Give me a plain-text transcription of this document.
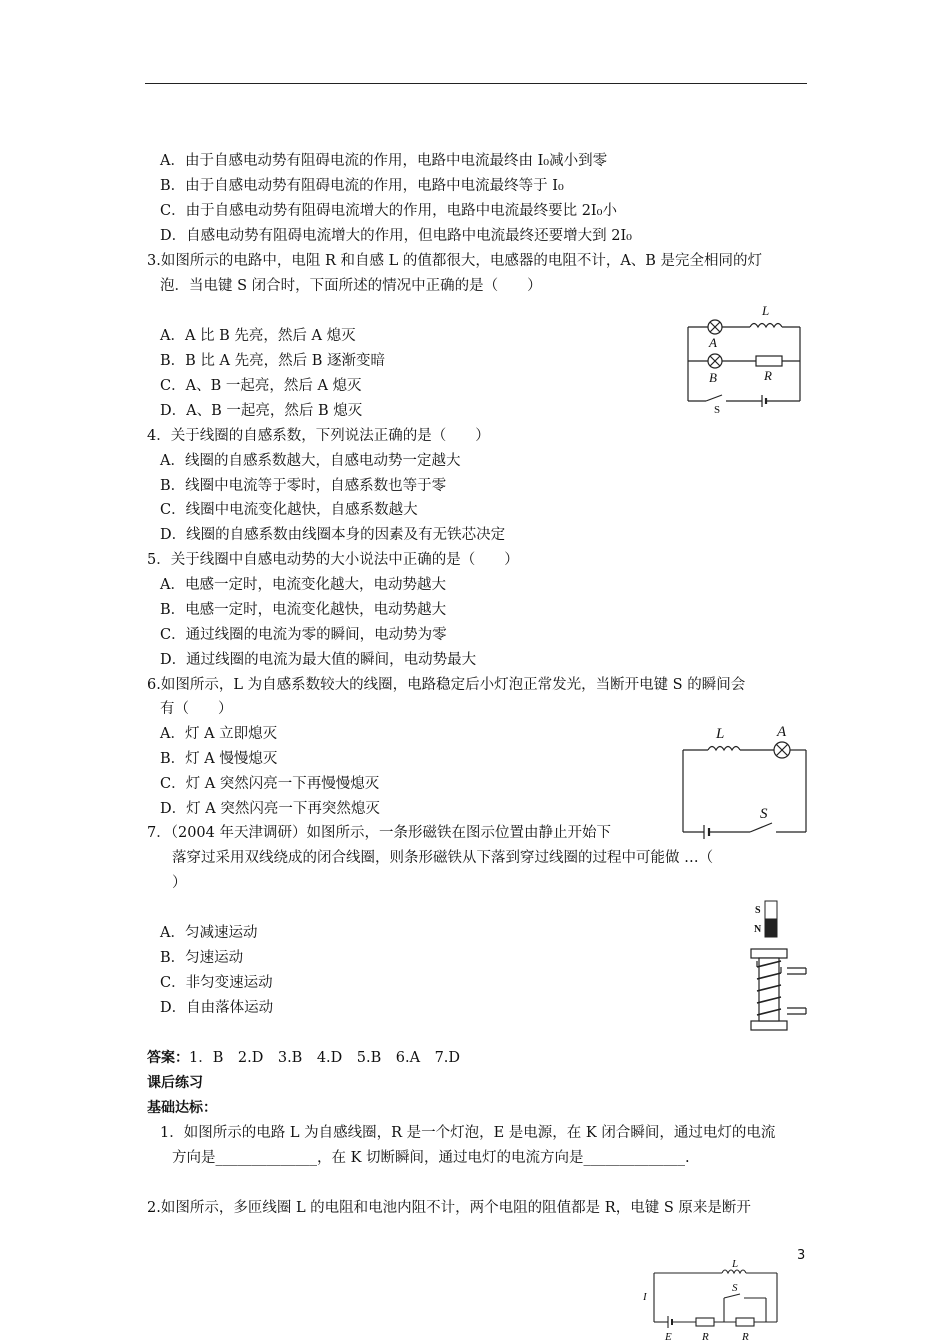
A．由于自感电动势有阻碍电流的作用，电路中电流最终由 I₀减小到零
B．由于自感电动势有阻碍电流的作用，电路中电流最终等于 I₀
C．由于自感电动势有阻碍电流增大的作用，电路中电流最终要比 2I₀小
D．自感电动势有阻碍电流增大的作用，但电路中电流最终还要增大到 2I₀
3.如图所示的电路中，电阻 R 和自感 L 的值都很大，电感器的电阻不计，A、B 是完全相同的灯
泡．当电键 S 闭合时，下面所述的情况中正确的是（　　）
A．A 比 B 先亮，然后 A 熄灭
B．B 比 A 先亮，然后 B 逐渐变暗
C．A、B 一起亮，然后 A 熄灭
D．A、B 一起亮，然后 B 熄灭
L
A
B	R
S
4．关于线圈的自感系数，下列说法正确的是（　　）
A．线圈的自感系数越大，自感电动势一定越大
B．线圈中电流等于零时，自感系数也等于零
C．线圈中电流变化越快，自感系数越大
D．线圈的自感系数由线圈本身的因素及有无铁芯决定
5．关于线圈中自感电动势的大小说法中正确的是（　　）
A．电感一定时，电流变化越大，电动势越大
B．电感一定时，电流变化越快，电动势越大
C．通过线圈的电流为零的瞬间，电动势为零
D．通过线圈的电流为最大值的瞬间，电动势最大
6.如图所示，L 为自感系数较大的线圈，电路稳定后小灯泡正常发光，当断开电键 S 的瞬间会
有（　　）
A．灯 A 立即熄灭
B．灯 A 慢慢熄灭
C．灯 A 突然闪亮一下再慢慢熄灭
D．灯 A 突然闪亮一下再突然熄灭
L	A
S
7．（2004 年天津调研）如图所示，一条形磁铁在图示位置由静止开始下
落穿过采用双线绕成的闭合线圈，则条形磁铁从下落到穿过线圈的过程中可能做 …（
）
A．匀减速运动
B．匀速运动
C．非匀变速运动
D．自由落体运动
S
N
答案：1．B　2.D　3.B　4.D　5.B　6.A　7.D
课后练习
基础达标：
1．如图所示的电路 L 为自感线圈，R 是一个灯泡，E 是电源，在 K 闭合瞬间，通过电灯的电流
方向是______________，在 K 切断瞬间，通过电灯的电流方向是______________.
2.如图所示，多匝线圈 L 的电阻和电池内阻不计，两个电阻的阻值都是 R，电键 S 原来是断开
3
L
I
S
E	R	R
